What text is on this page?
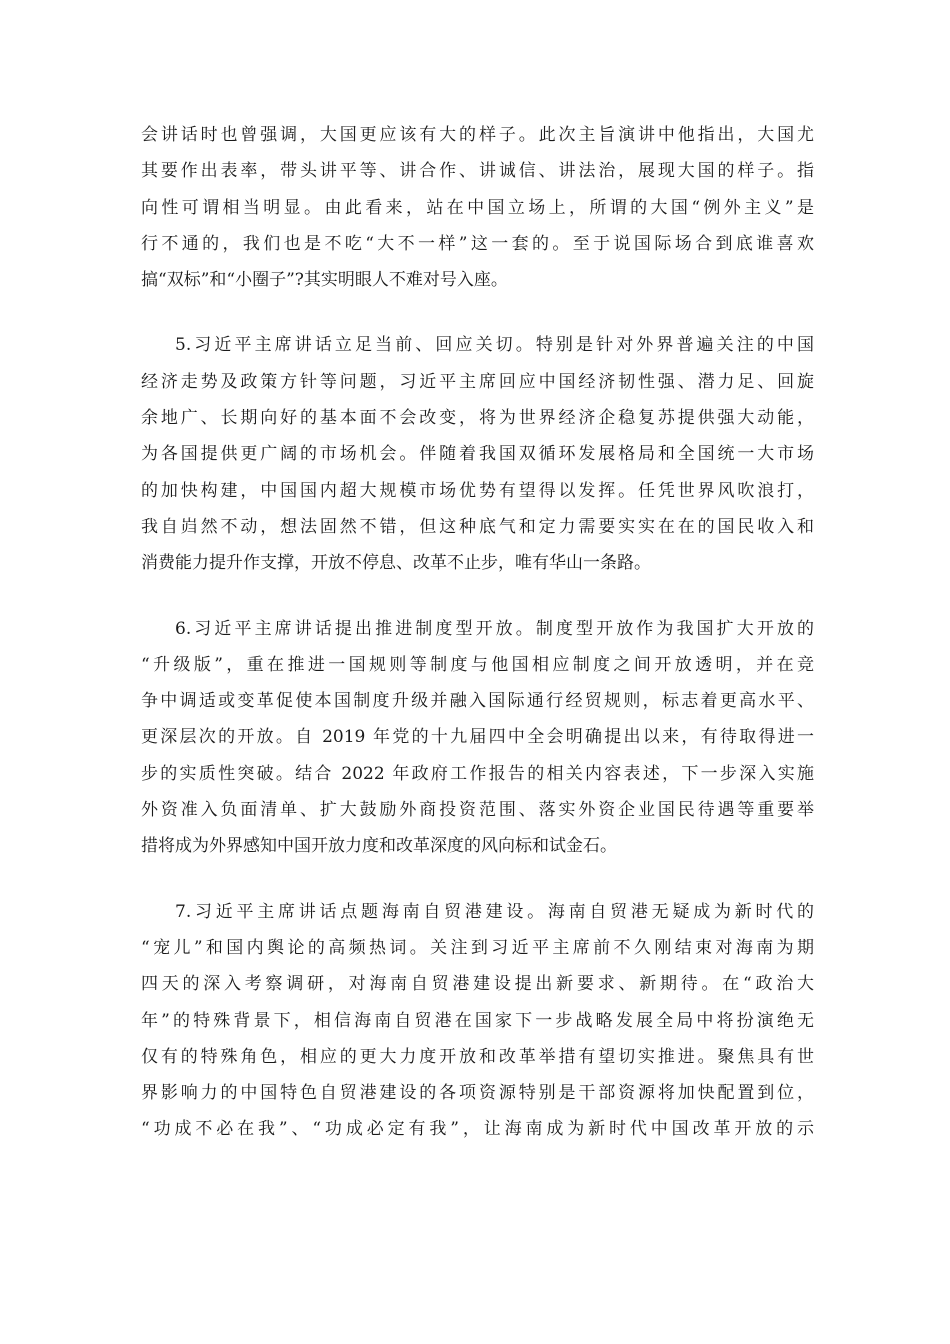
会讲话时也曾强调，大国更应该有大的样子。此次主旨演讲中他指出，大国尤
其要作出表率，带头讲平等、讲合作、讲诚信、讲法治，展现大国的样子。指
向性可谓相当明显。由此看来，站在中国立场上，所谓的大国“例外主义”是
行不通的，我们也是不吃“大不一样”这一套的。至于说国际场合到底谁喜欢
搞“双标”和“小圈子”?其实明眼人不难对号入座。
5.习近平主席讲话立足当前、回应关切。特别是针对外界普遍关注的中国
经济走势及政策方针等问题，习近平主席回应中国经济韧性强、潜力足、回旋
余地广、长期向好的基本面不会改变，将为世界经济企稳复苏提供强大动能，
为各国提供更广阔的市场机会。伴随着我国双循环发展格局和全国统一大市场
的加快构建，中国国内超大规模市场优势有望得以发挥。任凭世界风吹浪打，
我自岿然不动，想法固然不错，但这种底气和定力需要实实在在的国民收入和
消费能力提升作支撑，开放不停息、改革不止步，唯有华山一条路。
6.习近平主席讲话提出推进制度型开放。制度型开放作为我国扩大开放的
“升级版”，重在推进一国规则等制度与他国相应制度之间开放透明，并在竞
争中调适或变革促使本国制度升级并融入国际通行经贸规则，标志着更高水平、
更深层次的开放。自 2019 年党的十九届四中全会明确提出以来，有待取得进一
步的实质性突破。结合 2022 年政府工作报告的相关内容表述，下一步深入实施
外资准入负面清单、扩大鼓励外商投资范围、落实外资企业国民待遇等重要举
措将成为外界感知中国开放力度和改革深度的风向标和试金石。
7.习近平主席讲话点题海南自贸港建设。海南自贸港无疑成为新时代的
“宠儿”和国内舆论的高频热词。关注到习近平主席前不久刚结束对海南为期
四天的深入考察调研，对海南自贸港建设提出新要求、新期待。在“政治大
年”的特殊背景下，相信海南自贸港在国家下一步战略发展全局中将扮演绝无
仅有的特殊角色，相应的更大力度开放和改革举措有望切实推进。聚焦具有世
界影响力的中国特色自贸港建设的各项资源特别是干部资源将加快配置到位，
“功成不必在我”、“功成必定有我”，让海南成为新时代中国改革开放的示
